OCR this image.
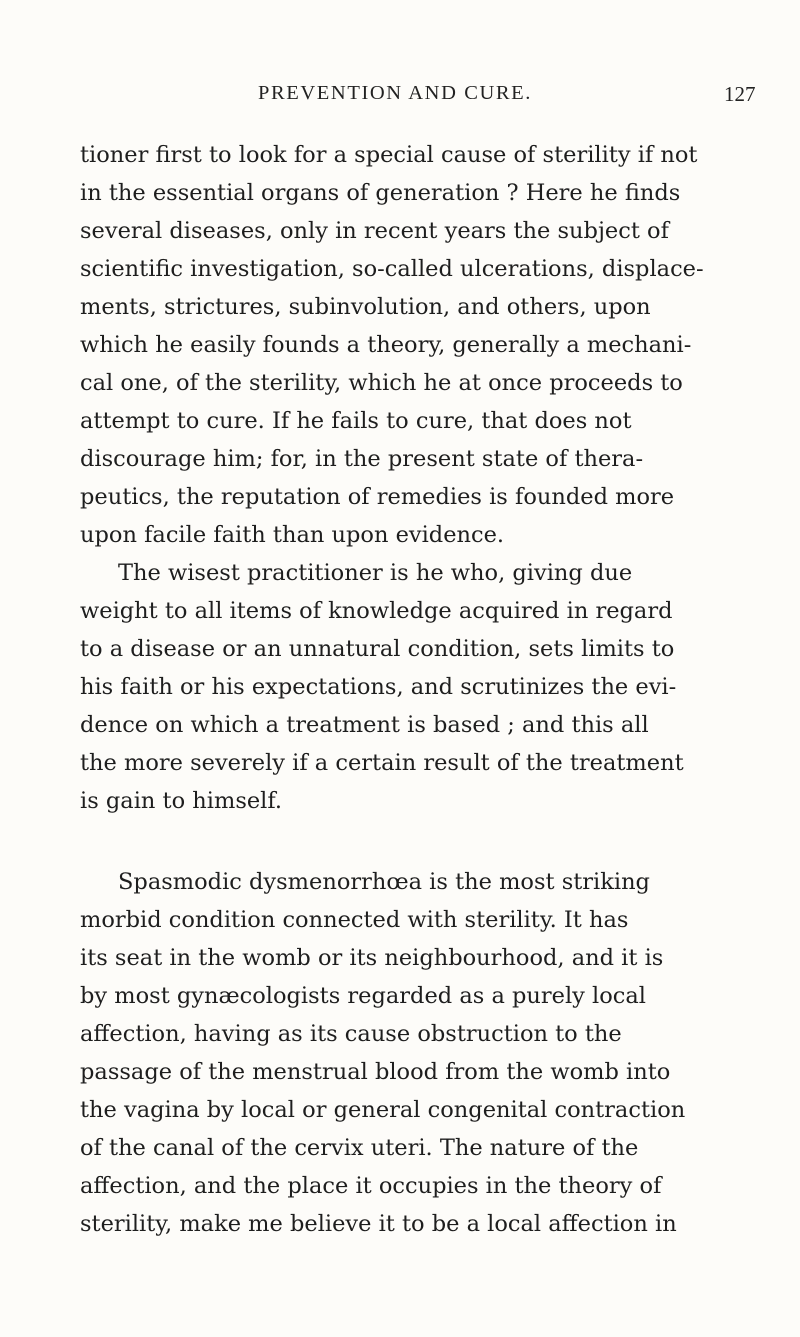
PREVENTION AND CURE.	127
tioner first to look for a special cause of sterility if not
in the essential organs of generation ? Here he finds
several diseases, only in recent years the subject of
scientific investigation, so-called ulcerations, displace-
ments, strictures, subinvolution, and others, upon
which he easily founds a theory, generally a mechani-
cal one, of the sterility, which he at once proceeds to
attempt to cure. If he fails to cure, that does not
discourage him; for, in the present state of thera-
peutics, the reputation of remedies is founded more
upon facile faith than upon evidence.
The wisest practitioner is he who, giving due
weight to all items of knowledge acquired in regard
to a disease or an unnatural condition, sets limits to
his faith or his expectations, and scrutinizes the evi-
dence on which a treatment is based ; and this all
the more severely if a certain result of the treatment
is gain to himself.
Spasmodic dysmenorrhœa is the most striking
morbid condition connected with sterility. It has
its seat in the womb or its neighbourhood, and it is
by most gynæcologists regarded as a purely local
affection, having as its cause obstruction to the
passage of the menstrual blood from the womb into
the vagina by local or general congenital contraction
of the canal of the cervix uteri. The nature of the
affection, and the place it occupies in the theory of
sterility, make me believe it to be a local affection in
